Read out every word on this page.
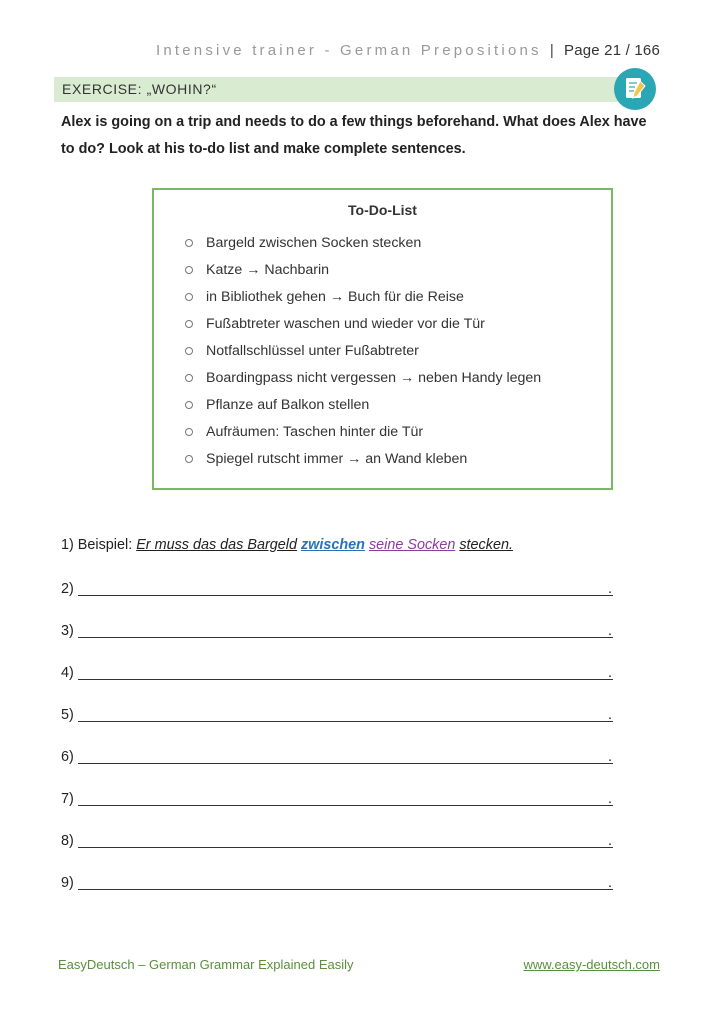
Intensive trainer - German Prepositions | Page 21 / 166
EXERCISE: „WOHIN?“
Alex is going on a trip and needs to do a few things beforehand. What does Alex have to do? Look at his to-do list and make complete sentences.
To-Do-List
Bargeld zwischen Socken stecken
Katze → Nachbarin
in Bibliothek gehen → Buch für die Reise
Fußabtreter waschen und wieder vor die Tür
Notfallschlüssel unter Fußabtreter
Boardingpass nicht vergessen → neben Handy legen
Pflanze auf Balkon stellen
Aufräumen: Taschen hinter die Tür
Spiegel rutscht immer → an Wand kleben
1) Beispiel: Er muss das das Bargeld zwischen seine Socken stecken.
2)	.
3)	.
4)	.
5)	.
6)	.
7)	.
8)	.
9)	.
EasyDeutsch – German Grammar Explained Easily	www.easy-deutsch.com
